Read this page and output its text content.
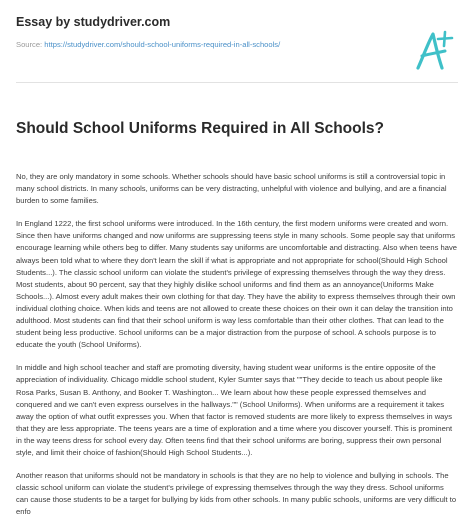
Essay by studydriver.com
Source: https://studydriver.com/should-school-uniforms-required-in-all-schools/
Should School Uniforms Required in All Schools?

No, they are only mandatory in some schools. Whether schools should have basic school uniforms is still a controversial topic in many school districts. In many schools, uniforms can be very distracting, unhelpful with violence and bullying, and are a financial burden to some families.

In England 1222, the first school uniforms were introduced. In the 16th century, the first modern uniforms were created and worn. Since then have uniforms changed and now uniforms are suppressing teens style in many schools. Some people say that uniforms encourage learning while others beg to differ. Many students say uniforms are uncomfortable and distracting. Also when teens have always been told what to where they don't learn the skill if what is appropriate and not appropriate for school(Should High School Students...). The classic school uniform can violate the student's privilege of expressing themselves through the way they dress. Most students, about 90 percent, say that they highly dislike school uniforms and find them as an annoyance(Uniforms Make Schools...). Almost every adult makes their own clothing for that day. They have the ability to express themselves through their own individual clothing choice. When kids and teens are not allowed to create these choices on their own it can delay the transition into adulthood. Most students can find that their school uniform is way less comfortable than their other clothes. That can lead to the student being less productive. School uniforms can be a major distraction from the purpose of school. A schools purpose is to educate the youth (School Uniforms).

In middle and high school teacher and staff are promoting diversity, having student wear uniforms is the entire opposite of the appreciation of individuality. Chicago middle school student, Kyler Sumter says that ""They decide to teach us about people like Rosa Parks, Susan B. Anthony, and Booker T. Washington... We learn about how these people expressed themselves and conquered and we can't even express ourselves in the hallways."" (School Uniforms). When uniforms are a requirement it takes away the option of what outfit expresses you. When that factor is removed students are more likely to express themselves in ways that they are less appropriate. The teens years are a time of exploration and a time where you discover yourself. This is prominent in the way teens dress for school every day. Often teens find that their school uniforms are boring, suppress their own personal style, and limit their choice of fashion(Should High School Students...).

Another reason that uniforms should not be mandatory in schools is that they are no help to violence and bullying in schools. The classic school uniform can violate the student's privilege of expressing themselves through the way they dress. School uniforms can cause those students to be a target for bullying by kids from other schools. In many public schools, uniforms are very difficult to enfo
